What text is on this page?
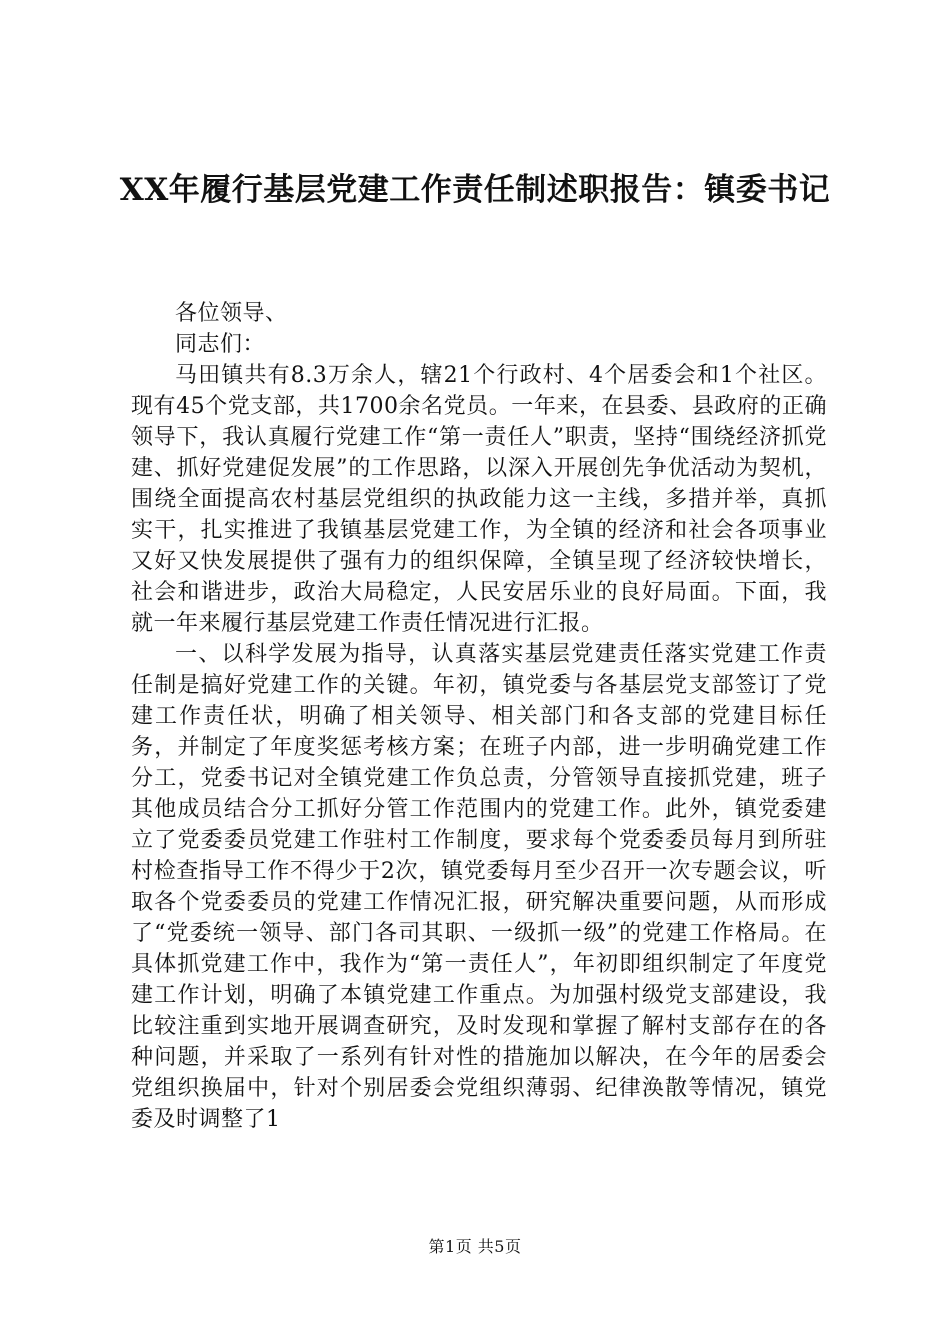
XX年履行基层党建工作责任制述职报告：镇委书记

各位领导、

同志们：

马田镇共有8.3万余人，辖21个行政村、4个居委会和1个社区。现有45个党支部，共1700余名党员。一年来，在县委、县政府的正确领导下，我认真履行党建工作“第一责任人”职责，坚持“围绕经济抓党建、抓好党建促发展”的工作思路，以深入开展创先争优活动为契机，围绕全面提高农村基层党组织的执政能力这一主线，多措并举，真抓实干，扎实推进了我镇基层党建工作，为全镇的经济和社会各项事业又好又快发展提供了强有力的组织保障，全镇呈现了经济较快增长，社会和谐进步，政治大局稳定，人民安居乐业的良好局面。下面，我就一年来履行基层党建工作责任情况进行汇报。

一、以科学发展为指导，认真落实基层党建责任落实党建工作责任制是搞好党建工作的关键。年初，镇党委与各基层党支部签订了党建工作责任状，明确了相关领导、相关部门和各支部的党建目标任务，并制定了年度奖惩考核方案；在班子内部，进一步明确党建工作分工，党委书记对全镇党建工作负总责，分管领导直接抓党建，班子其他成员结合分工抓好分管工作范围内的党建工作。此外，镇党委建立了党委委员党建工作驻村工作制度，要求每个党委委员每月到所驻村检查指导工作不得少于2次，镇党委每月至少召开一次专题会议，听取各个党委委员的党建工作情况汇报，研究解决重要问题，从而形成了“党委统一领导、部门各司其职、一级抓一级”的党建工作格局。在具体抓党建工作中，我作为“第一责任人”，年初即组织制定了年度党建工作计划，明确了本镇党建工作重点。为加强村级党支部建设，我比较注重到实地开展调查研究，及时发现和掌握了解村支部存在的各种问题，并采取了一系列有针对性的措施加以解决，在今年的居委会党组织换届中，针对个别居委会党组织薄弱、纪律涣散等情况，镇党委及时调整了1

第1页 共5页
